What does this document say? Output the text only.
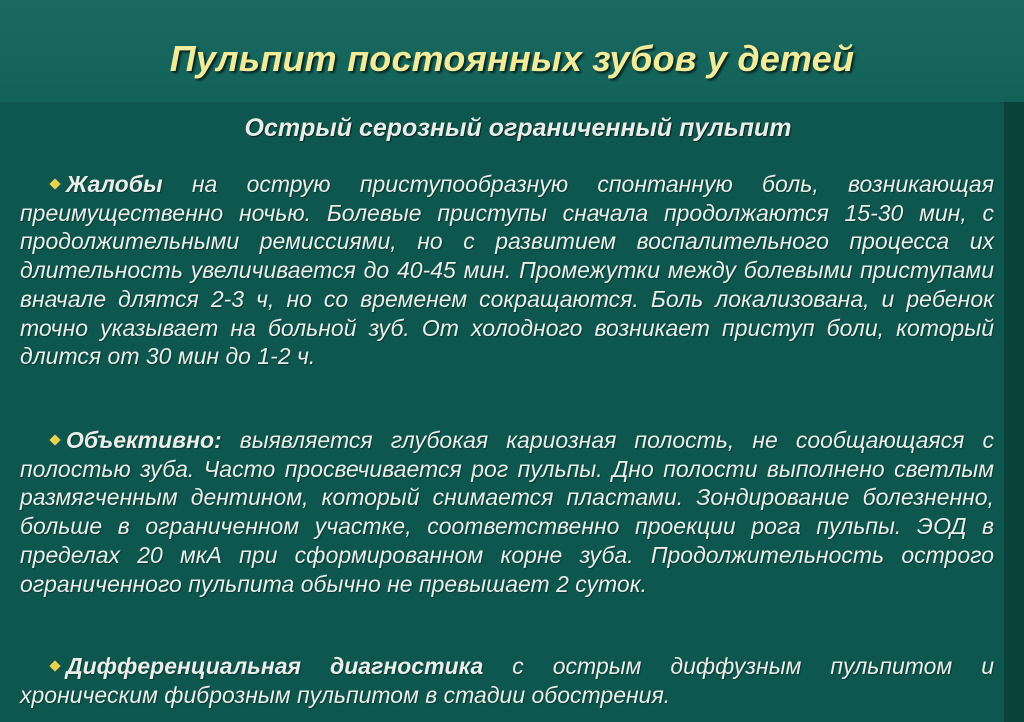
Пульпит постоянных зубов у детей
Острый серозный ограниченный пульпит
Жалобы на острую приступообразную спонтанную боль, возникающая преимущественно ночью. Болевые приступы сначала продолжаются 15-30 мин, с продолжительными ремиссиями, но с развитием воспалительного процесса их длительность увеличивается до 40-45 мин. Промежутки между болевыми приступами вначале длятся 2-3 ч, но со временем сокращаются. Боль локализована, и ребенок точно указывает на больной зуб. От холодного возникает приступ боли, который длится от 30 мин до 1-2 ч.
Объективно: выявляется глубокая кариозная полость, не сообщающаяся с полостью зуба. Часто просвечивается рог пульпы. Дно полости выполнено светлым размягченным дентином, который снимается пластами. Зондирование болезненно, больше в ограниченном участке, соответственно проекции рога пульпы. ЭОД в пределах 20 мкА при сформированном корне зуба. Продолжительность острого ограниченного пульпита обычно не превышает 2 суток.
Дифференциальная диагностика с острым диффузным пульпитом и хроническим фиброзным пульпитом в стадии обострения.
